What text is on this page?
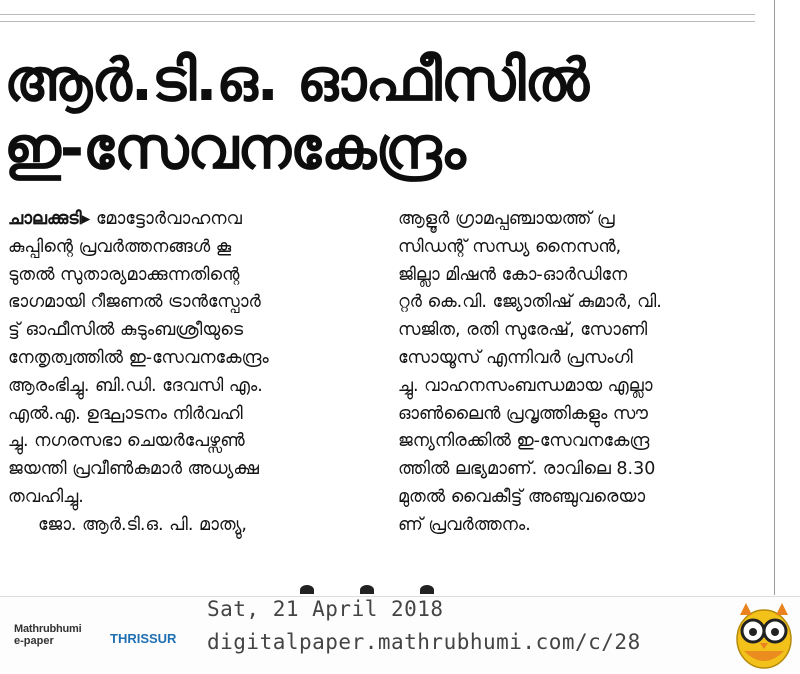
ആർ.ടി.ഒ. ഓഫീസിൽ
ഇ-സേവനകേന്ദ്രം
ചാലക്കുടി▸ മോട്ടോർവാഹനവ
കുപ്പിന്റെ പ്രവർത്തനങ്ങൾ കൂ
ടുതൽ സുതാര്യമാക്കുന്നതിന്റെ
ഭാഗമായി റീജണൽ ട്രാൻസ്പോർ
ട്ട് ഓഫീസിൽ കുടുംബശ്രീയുടെ
നേതൃത്വത്തിൽ ഇ-സേവനകേന്ദ്രം
ആരംഭിച്ചു. ബി.ഡി. ദേവസി എം.
എൽ.എ. ഉദ്ഘാടനം നിർവഹി
ച്ചു. നഗരസഭാ ചെയർപേഴ്സൺ
ജയന്തി പ്രവീൺകുമാർ അധ്യക്ഷ
തവഹിച്ചു.
ജോ. ആർ.ടി.ഒ. പി. മാത്യു,
ആളൂർ ഗ്രാമപ്പഞ്ചായത്ത് പ്ര
സിഡന്റ് സന്ധ്യ നൈസൻ,
ജില്ലാ മിഷൻ കോ-ഓർഡിനേ
റ്റർ കെ.വി. ജ്യോതിഷ് കുമാർ, വി.
സജിത, രതി സുരേഷ്, സോണി
സോയൂസ് എന്നിവർ പ്രസംഗി
ച്ചു. വാഹനസംബന്ധമായ എല്ലാ
ഓൺലൈൻ പ്രവൃത്തികളും സൗ
ജന്യനിരക്കിൽ ഇ-സേവനകേന്ദ്ര
ത്തിൽ ലഭ്യമാണ്. രാവിലെ 8.30
മുതൽ വൈകീട്ട് അഞ്ചുവരെയാ
ണ് പ്രവർത്തനം.
Mathrubhumi
e-paper	THRISSUR
Sat, 21 April 2018
digitalpaper.mathrubhumi.com/c/28
